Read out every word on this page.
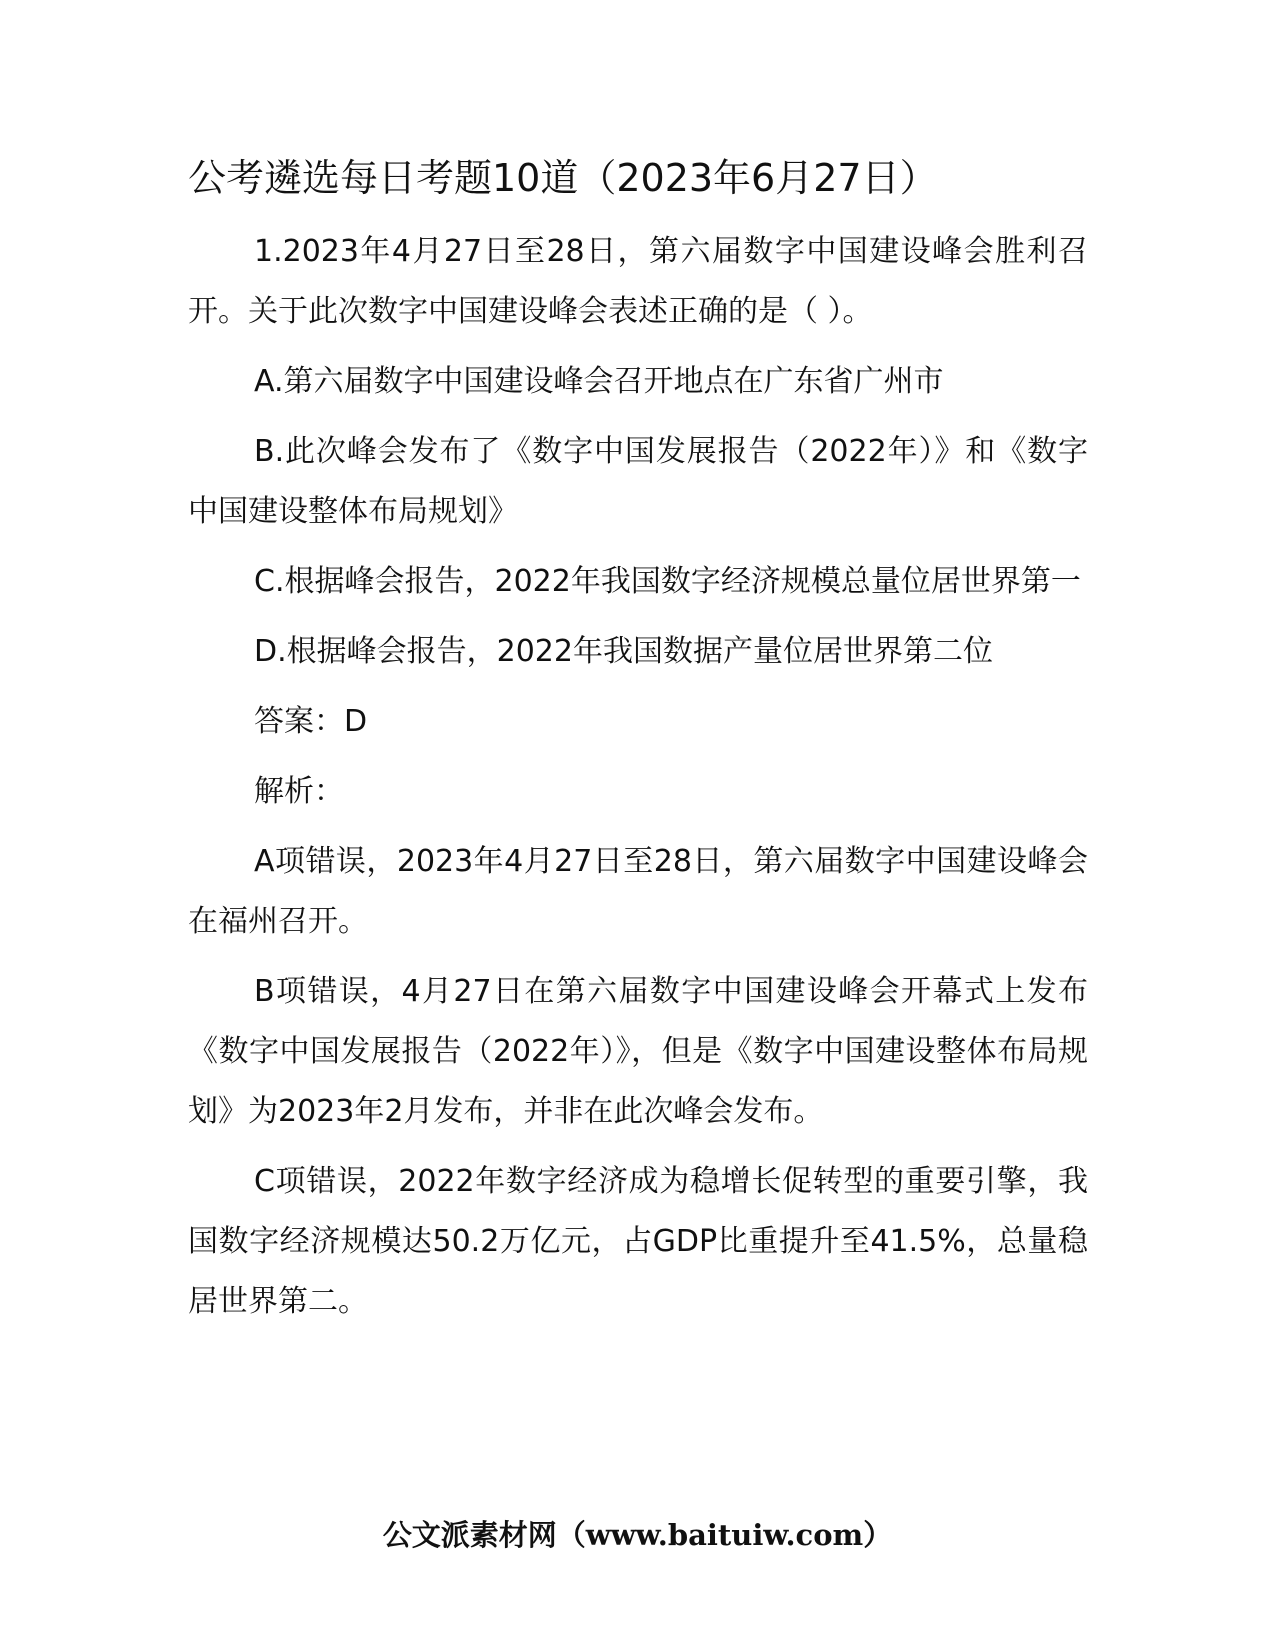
公考遴选每日考题10道（2023年6月27日）

1.2023年4月27日至28日，第六届数字中国建设峰会胜利召开。关于此次数字中国建设峰会表述正确的是（ ）。

A.第六届数字中国建设峰会召开地点在广东省广州市

B.此次峰会发布了《数字中国发展报告（2022年）》和《数字中国建设整体布局规划》

C.根据峰会报告，2022年我国数字经济规模总量位居世界第一

D.根据峰会报告，2022年我国数据产量位居世界第二位

答案：D

解析：

A项错误，2023年4月27日至28日，第六届数字中国建设峰会在福州召开。

B项错误，4月27日在第六届数字中国建设峰会开幕式上发布《数字中国发展报告（2022年）》，但是《数字中国建设整体布局规划》为2023年2月发布，并非在此次峰会发布。

C项错误，2022年数字经济成为稳增长促转型的重要引擎，我国数字经济规模达50.2万亿元，占GDP比重提升至41.5%，总量稳居世界第二。

公文派素材网（www.baituiw.com）
